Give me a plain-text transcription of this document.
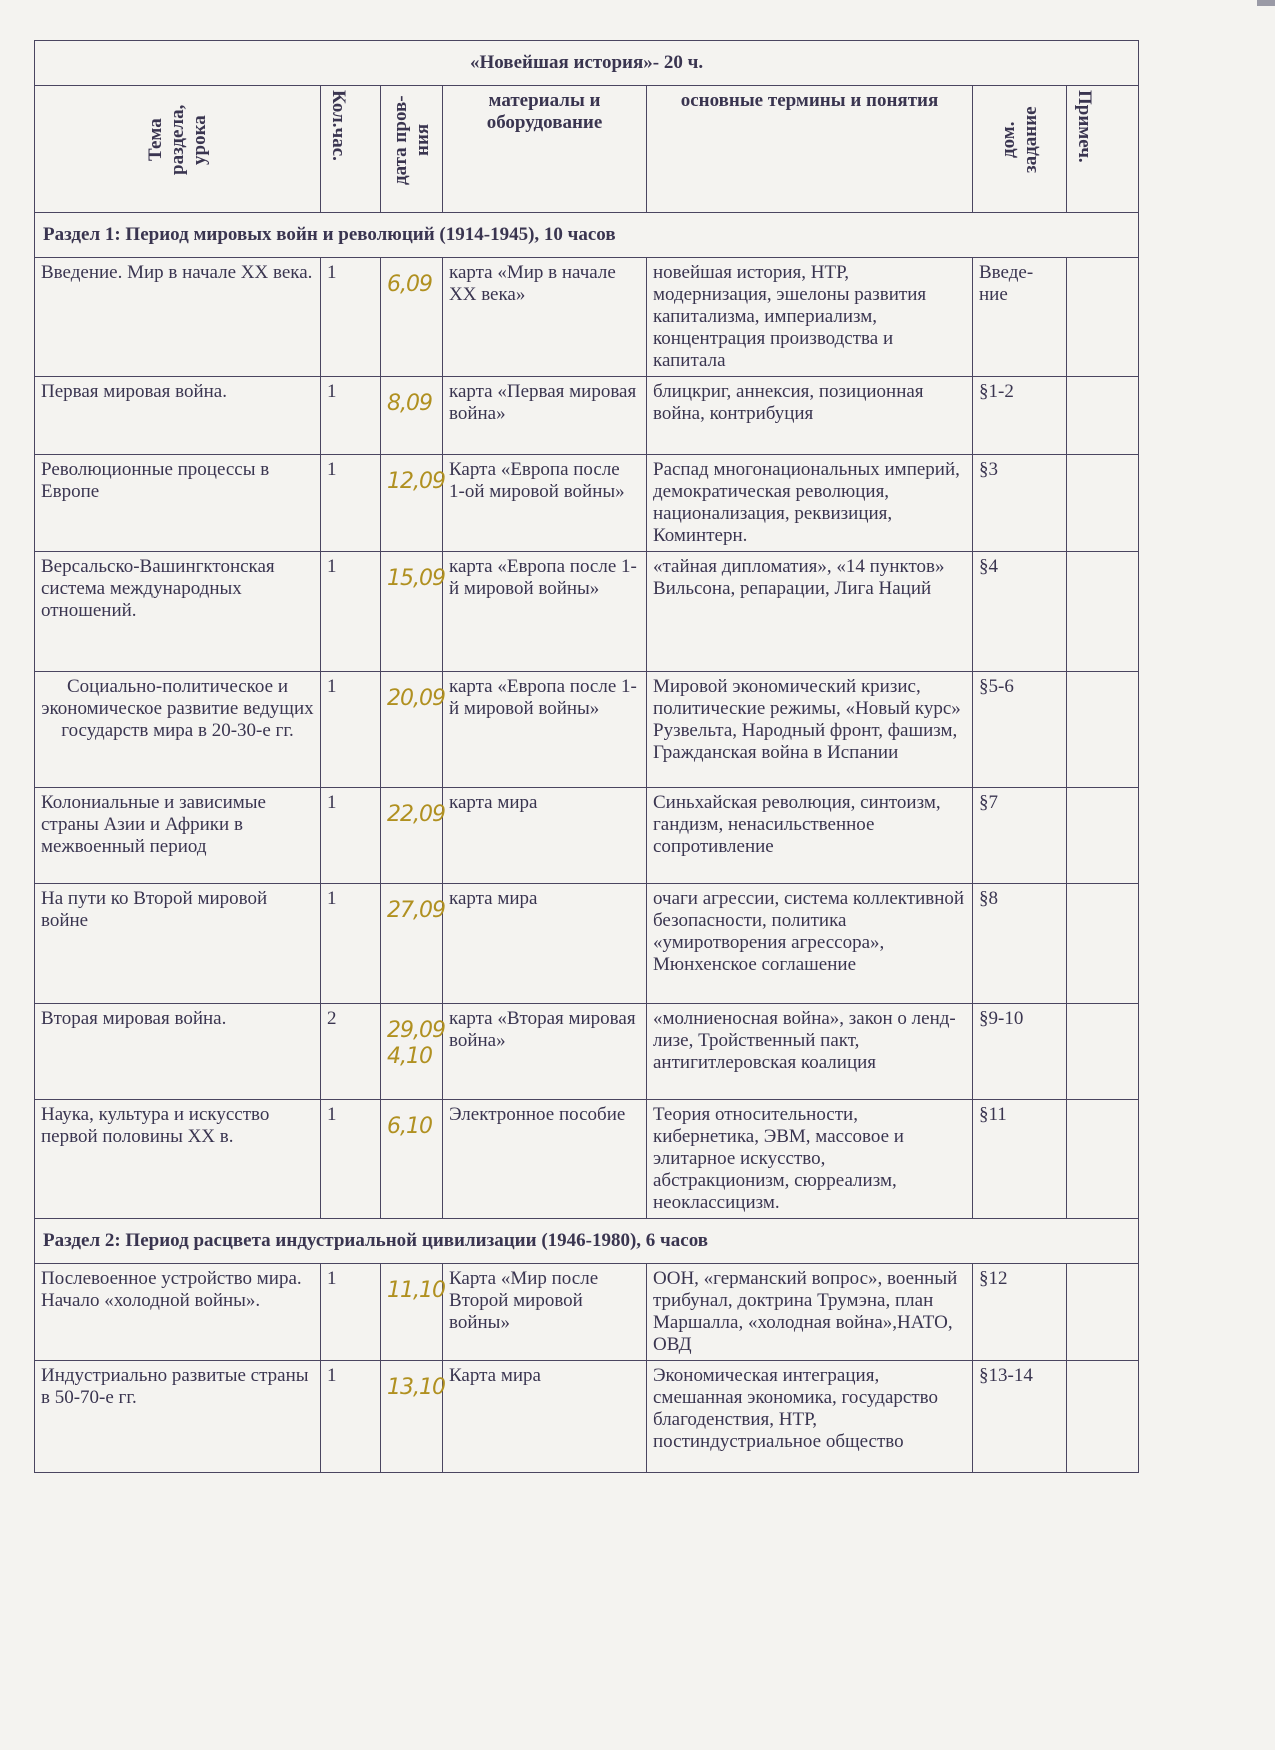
«Новейшая история»- 20 ч.						

Тема раздела, урока	Кол.час.	дата пров-ния	материалы и оборудование	основные термины и понятия	дом. задание	Примеч.

Раздел 1: Период мировых войн и революций (1914-1945), 10 часов						
Введение. Мир в начале XX века.	1	6,09	карта «Мир в начале XX века»	новейшая история, НТР, модернизация, эшелоны развития капитализма, империализм, концентрация производства и капитала	Введе-ние	
Первая мировая война.	1	8,09	карта «Первая мировая война»	блицкриг, аннексия, позиционная война, контрибуция	§1-2	
Революционные процессы в Европе	1	12,09	Карта «Европа после 1-ой мировой войны»	Распад многонациональных империй, демократическая революция, национализация, реквизиция, Коминтерн.	§3	
Версальско-Вашингктонская система международных отношений.	1	15,09	карта «Европа после 1-й мировой войны»	«тайная дипломатия», «14 пунктов» Вильсона, репарации, Лига Наций	§4	
Социально-политическое и экономическое развитие ведущих государств мира в 20-30-е гг.	1	20,09	карта «Европа после 1-й мировой войны»	Мировой экономический кризис, политические режимы, «Новый курс» Рузвельта, Народный фронт, фашизм, Гражданская война в Испании	§5-6	
Колониальные и зависимые страны Азии и Африки в межвоенный период	1	22,09	карта мира	Синьхайская революция, синтоизм, гандизм, ненасильственное сопротивление	§7	
На пути ко Второй мировой войне	1	27,09	карта мира	очаги агрессии, система коллективной безопасности, политика «умиротворения агрессора», Мюнхенское соглашение	§8	
Вторая мировая война.	2	29,09 4,10	карта «Вторая мировая война»	«молниеносная война», закон о ленд-лизе, Тройственный пакт, антигитлеровская коалиция	§9-10	
Наука, культура и искусство первой половины XX в.	1	6,10	Электронное пособие	Теория относительности, кибернетика, ЭВМ, массовое и элитарное искусство, абстракционизм, сюрреализм, неоклассицизм.	§11	
Раздел 2: Период расцвета индустриальной цивилизации (1946-1980), 6 часов						
Послевоенное устройство мира. Начало «холодной войны».	1	11,10	Карта «Мир после Второй мировой войны»	ООН, «германский вопрос», военный трибунал, доктрина Трумэна, план Маршалла, «холодная война»,НАТО, ОВД	§12	
Индустриально развитые страны в 50-70-е гг.	1	13,10	Карта мира	Экономическая интеграция, смешанная экономика, государство благоденствия, НТР, постиндустриальное общество	§13-14	
